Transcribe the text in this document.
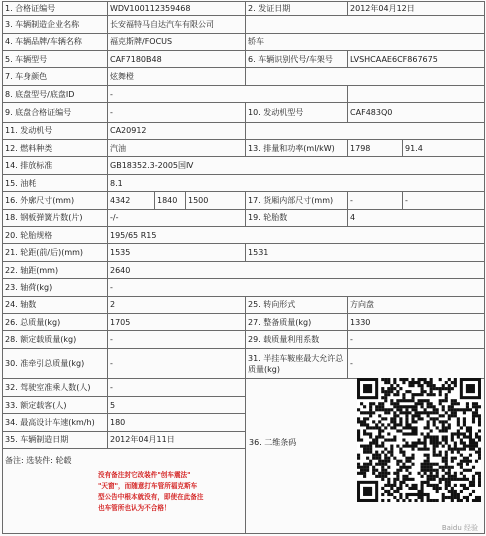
1. 合格证编号	WDV100112359468			2. 发证日期	2012年04月12日	
3. 车辆制造企业名称	长安福特马自达汽车有限公司					
4. 车辆品牌/车辆名称	福克斯牌/FOCUS			轿车		
5. 车辆型号	CAF7180B48			6. 车辆识别代号/车架号	LVSHCAAE6CF867675	
7. 车身颜色	炫舞橙					
8. 底盘型号/底盘ID	-					
9. 底盘合格证编号	-			10. 发动机型号	CAF483Q0	
11. 发动机号	CA20912					
12. 燃料种类	汽油			13. 排量和功率(ml/kW)	1798	91.4
14. 排放标准	GB18352.3-2005国Ⅳ					
15. 油耗	8.1					
16. 外廓尺寸(mm)	4342	1840	1500	17. 货厢内部尺寸(mm)	-	-
18. 钢板弹簧片数(片)	-/-			19. 轮胎数	4	
20. 轮胎规格	195/65 R15					
21. 轮距(前/后)(mm)	1535			1531		
22. 轴距(mm)	2640					
23. 轴荷(kg)	-					
24. 轴数	2			25. 转向形式	方向盘	
26. 总质量(kg)	1705			27. 整备质量(kg)	1330	
28. 额定载质量(kg)	-			29. 载质量利用系数	-	
30. 准牵引总质量(kg)	-			31. 半挂车鞍座最大允许总质量(kg)	-	
32. 驾驶室准乘人数(人)	-			36. 二维条码		

33. 额定载客(人)	5					
34. 最高设计车速(km/h)	180					
35. 车辆制造日期	2012年04月11日					
备注: 选装件: 轮毂						
没有备注封它改装件"创车震法"
"天窗"，而随意打车管所福克斯车
型公告中根本就没有，即使在此备注
也车管所也认为不合格！
Baidu 经验
